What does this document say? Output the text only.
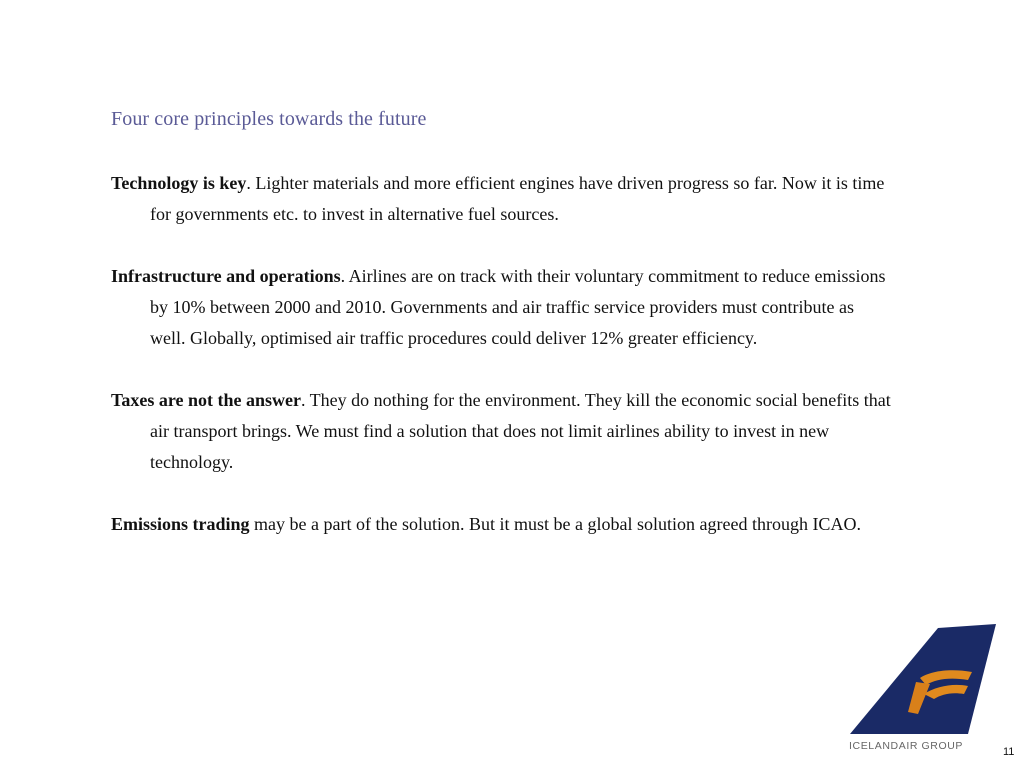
Four core principles towards the future

Technology is key. Lighter materials and more efficient engines have driven progress so far. Now it is time for governments etc. to invest in alternative fuel sources.

Infrastructure and operations. Airlines are on track with their voluntary commitment to reduce emissions by 10% between 2000 and 2010. Governments and air traffic service providers must contribute as well. Globally, optimised air traffic procedures could deliver 12% greater efficiency.

Taxes are not the answer. They do nothing for the environment. They kill the economic social benefits that air transport brings. We must find a solution that does not limit airlines ability to invest in new technology.

Emissions trading may be a part of the solution. But it must be a global solution agreed through ICAO.

ICELANDAIR GROUP	11
